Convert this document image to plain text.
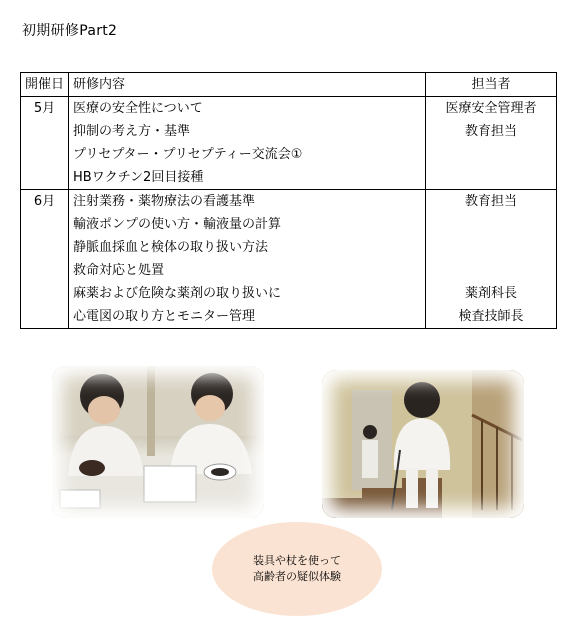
初期研修Part2
開催日	研修内容	担当者
5月	医療の安全性について	医療安全管理者
	抑制の考え方・基準	教育担当
	プリセプター・プリセプティー交流会①	
	HBワクチン2回目接種	
6月	注射業務・薬物療法の看護基準	教育担当
	輸液ポンプの使い方・輸液量の計算	
	静脈血採血と検体の取り扱い方法	
	救命対応と処置	
	麻薬および危険な薬剤の取り扱いに	薬剤科長
	心電図の取り方とモニター管理	検査技師長
装具や杖を使って
高齢者の疑似体験
